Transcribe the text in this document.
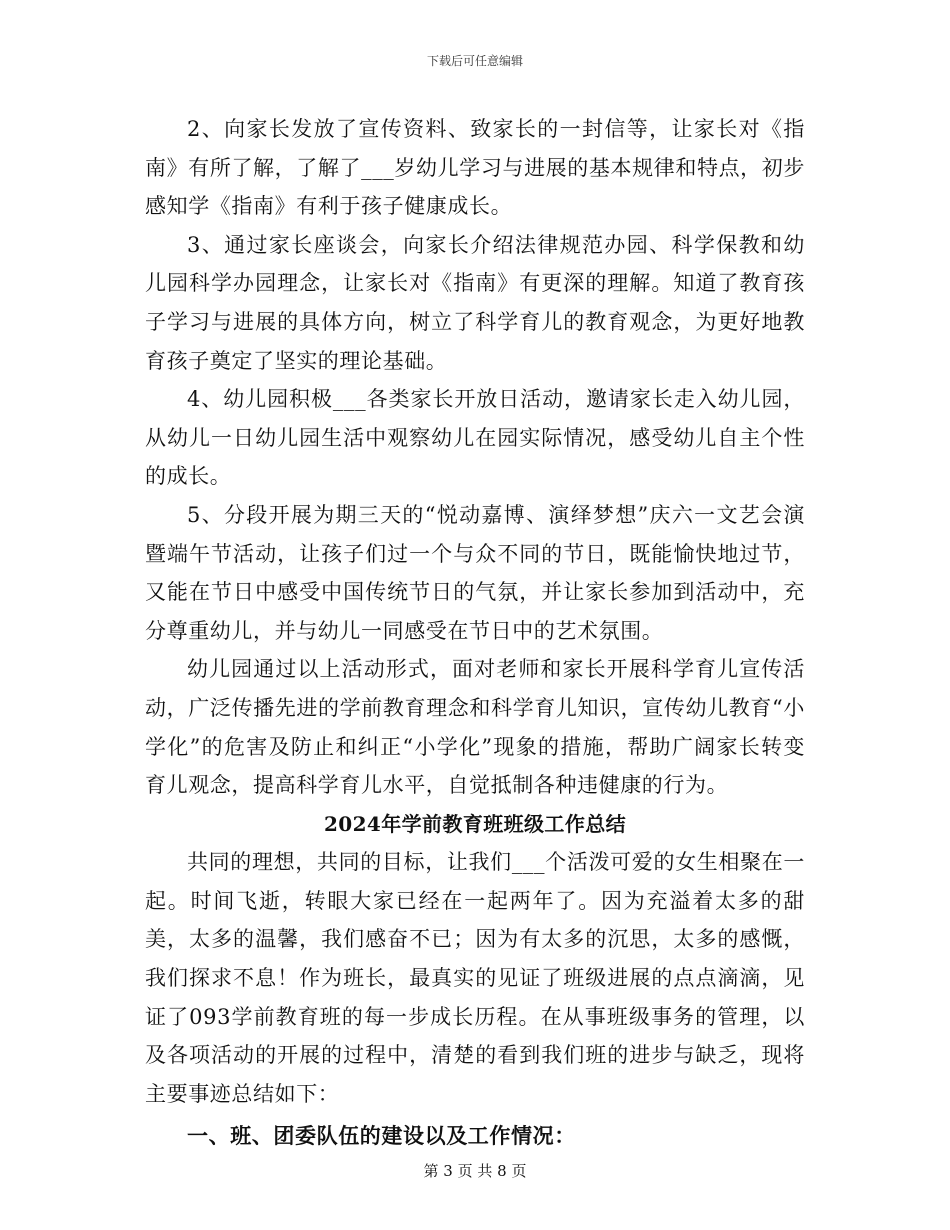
下载后可任意编辑

2、向家长发放了宣传资料、致家长的一封信等，让家长对《指南》有所了解，了解了___岁幼儿学习与进展的基本规律和特点，初步感知学《指南》有利于孩子健康成长。

3、通过家长座谈会，向家长介绍法律规范办园、科学保教和幼儿园科学办园理念，让家长对《指南》有更深的理解。知道了教育孩子学习与进展的具体方向，树立了科学育儿的教育观念，为更好地教育孩子奠定了坚实的理论基础。

4、幼儿园积极___各类家长开放日活动，邀请家长走入幼儿园，从幼儿一日幼儿园生活中观察幼儿在园实际情况，感受幼儿自主个性的成长。

5、分段开展为期三天的“悦动嘉博、演绎梦想”庆六一文艺会演暨端午节活动，让孩子们过一个与众不同的节日，既能愉快地过节，又能在节日中感受中国传统节日的气氛，并让家长参加到活动中，充分尊重幼儿，并与幼儿一同感受在节日中的艺术氛围。

幼儿园通过以上活动形式，面对老师和家长开展科学育儿宣传活动，广泛传播先进的学前教育理念和科学育儿知识，宣传幼儿教育“小学化”的危害及防止和纠正“小学化”现象的措施，帮助广阔家长转变育儿观念，提高科学育儿水平，自觉抵制各种违健康的行为。

2024年学前教育班班级工作总结

共同的理想，共同的目标，让我们___个活泼可爱的女生相聚在一起。时间飞逝，转眼大家已经在一起两年了。因为充溢着太多的甜美，太多的温馨，我们感奋不已；因为有太多的沉思，太多的感慨，我们探求不息！作为班长，最真实的见证了班级进展的点点滴滴，见证了093学前教育班的每一步成长历程。在从事班级事务的管理，以及各项活动的开展的过程中，清楚的看到我们班的进步与缺乏，现将主要事迹总结如下：

一、班、团委队伍的建设以及工作情况：
第 3 页 共 8 页
